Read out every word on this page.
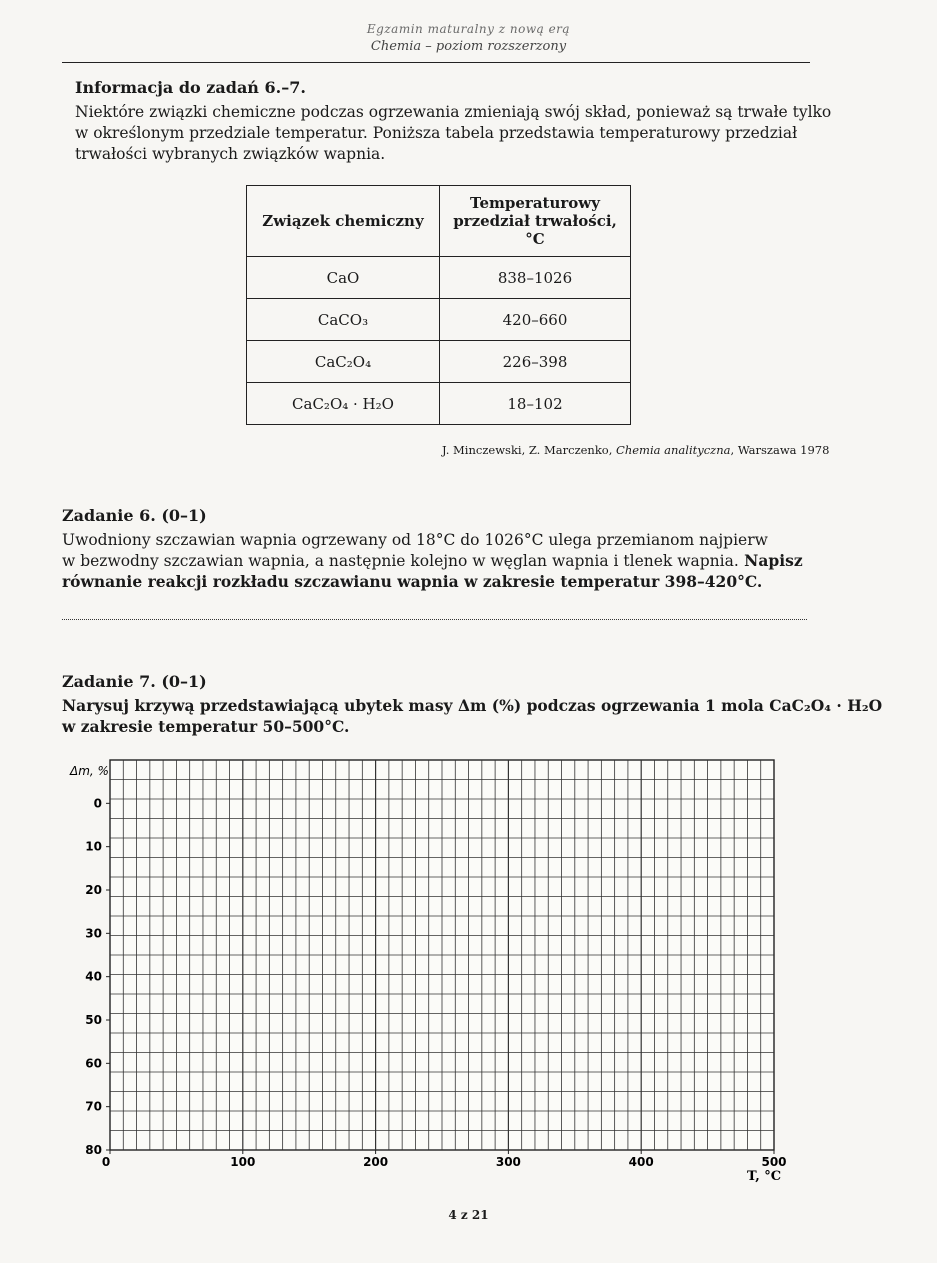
Egzamin maturalny z nową erą
Chemia – poziom rozszerzony
Informacja do zadań 6.–7.
Niektóre związki chemiczne podczas ogrzewania zmieniają swój skład, ponieważ są trwałe tylko
w określonym przedziale temperatur. Poniższa tabela przedstawia temperaturowy przedział
trwałości wybranych związków wapnia.
Związek chemiczny	Temperaturowy
przedział trwałości,
°C

CaO	838–1026
CaCO₃	420–660
CaC₂O₄	226–398
CaC₂O₄ · H₂O	18–102
J. Minczewski, Z. Marczenko, Chemia analityczna, Warszawa 1978
Zadanie 6. (0–1)
Uwodniony szczawian wapnia ogrzewany od 18°C do 1026°C ulega przemianom najpierw
w bezwodny szczawian wapnia, a następnie kolejno w węglan wapnia i tlenek wapnia. Napisz
równanie reakcji rozkładu szczawianu wapnia w zakresie temperatur 398–420°C.
Zadanie 7. (0–1)
Narysuj krzywą przedstawiającą ubytek masy Δm (%) podczas ogrzewania 1 mola CaC₂O₄ · H₂O
w zakresie temperatur 50–500°C.
0
10
20
30
40
50
60
70
80
0	100	200	300	400	500
Δm, %
T, °C
4 z 21
